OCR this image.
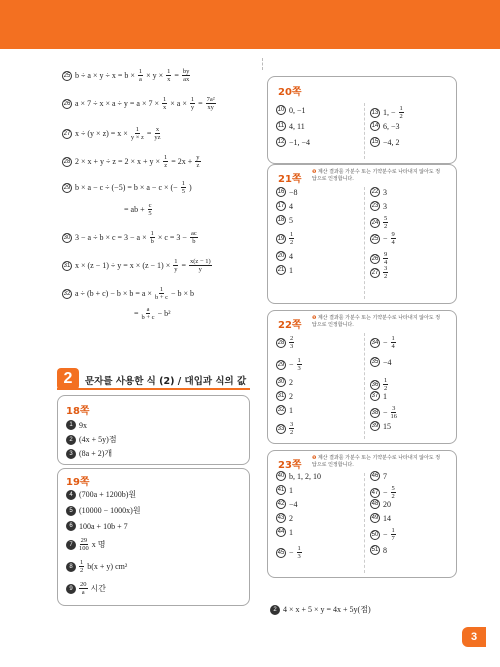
25 $b \div a \times y \div x = b \times \frac{1}{a} \times y \times \frac{1}{x} = \frac{by}{ax}$
26 $a \times 7 \div x \times a \div y = a \times 7 \times \frac{1}{x} \times a \times \frac{1}{y} = \frac{\text{7a²}}{xy}$
27 $x \div (y \times z) = x \times \frac{1}{y \times z} = \frac{x}{yz}$
28 $2 \times x + y \div z = 2 \times x + y \times \frac{1}{z} = 2x + \frac{y}{z}$
29 b × a − c ÷ (−5) = b × a − c × (− $\frac{1}{5}$ )
= ab + $\frac{c}{5}$
30 $3 - a \div b \times c = 3 - a \times \frac{1}{b} \times c = 3 - \frac{ac}{b}$
31 $x \times (z - 1) \div y = x \times (z - 1) \times \frac{1}{y} = \frac{x(z - 1)}{y}$
32 $a \div (b + c) - b \times b = a \times \frac{1}{b + c} - b \times b$
= $\frac{a}{b + c} - b^2$
2	문자를 사용한 식 (2) / 대입과 식의 값
18쪽
1 9x
2 (4x + 5y)점
3 (8a + 2)개
19쪽
4 (700a + 1200b)원
5 (10000 − 1000x)원
6 100a + 10b + 7
$7 \frac{29}{100}$ x 명
$8 \frac{1}{2} b(x + y)$ cm²
$9 \frac{20}{a}$ 시간
20쪽
10 0, −1
11 4, 11
12 −1, −4
13 1, − $\frac{1}{2}$
14 6, −3
15 −4, 2
21쪽
❶ 계산 결과를 가분수 또는 기약분수로 나타내지 않아도 정답으로 인정합니다.
16 −8
17 4
18 5
$19 \frac{1}{2}$
20 4
21 1
22 3
23 3
$24 \frac{5}{2}$
$25 - \frac{9}{4}$
$26 \frac{9}{4}$
$27 \frac{3}{2}$
22쪽
❶ 계산 결과를 가분수 또는 기약분수로 나타내지 않아도 정답으로 인정합니다.
$28 \frac{2}{3}$
$29 - \frac{1}{3}$
30 2
31 2
32 1
$33 \frac{3}{2}$
$34 - \frac{1}{4}$
35 −4
$36 \frac{1}{2}$
37 1
$38 - \frac{3}{16}$
39 15
23쪽
❶ 계산 결과를 가분수 또는 기약분수로 나타내지 않아도 정답으로 인정합니다.
40 b, 1, 2, 10
41 1
42 −4
43 2
44 1
$45 - \frac{1}{3}$
46 7
$47 - \frac{5}{2}$
48 20
49 14
$50 - \frac{1}{7}$
51 8
2 4 × x + 5 × y = 4x + 5y(점)
3
